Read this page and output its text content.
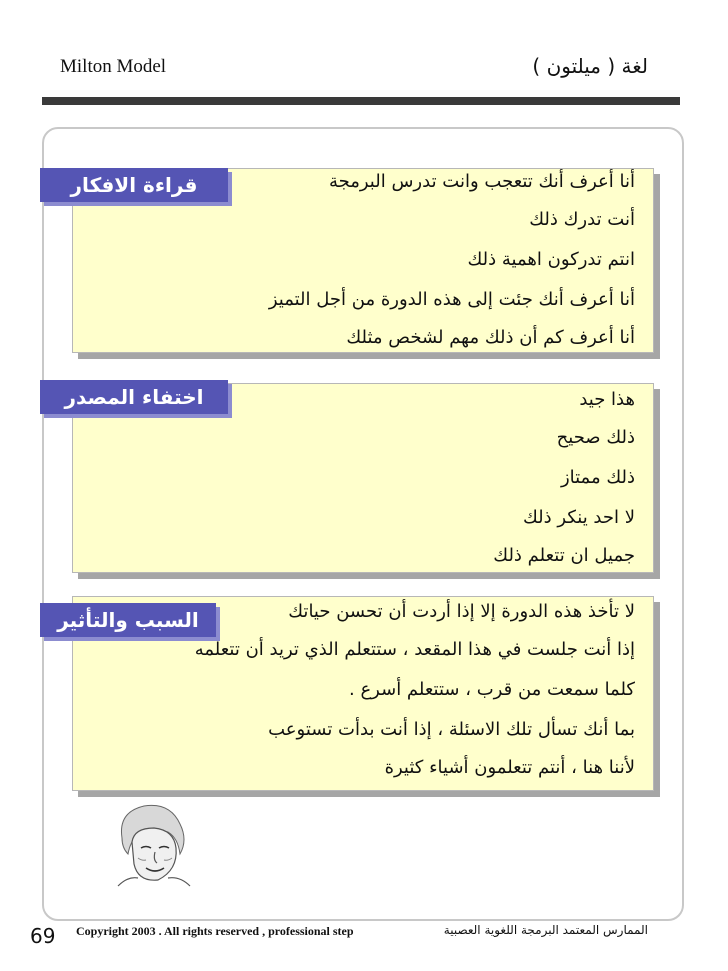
Milton Model	لغة ( ميلتون )
أنا أعرف أنك تتعجب وانت تدرس البرمجة
أنت تدرك ذلك
انتم تدركون اهمية ذلك
أنا أعرف أنك جئت إلى هذه الدورة من أجل التميز
أنا أعرف كم أن ذلك مهم لشخص مثلك
قراءة الافكار
هذا جيد
ذلك صحيح
ذلك ممتاز
لا احد ينكر ذلك
جميل ان تتعلم ذلك
اختفاء المصدر
لا تأخذ هذه الدورة إلا إذا أردت أن تحسن حياتك
إذا أنت جلست في هذا المقعد ، ستتعلم الذي تريد أن تتعلمه
كلما سمعت من قرب ، ستتعلم أسرع .
بما أنك تسأل تلك الاسئلة ، إذا أنت بدأت تستوعب
لأننا هنا ، أنتم تتعلمون أشياء كثيرة
السبب والتأثير
69 Copyright 2003 . All rights reserved , professional step	الممارس المعتمد البرمجة اللغوية العصبية
